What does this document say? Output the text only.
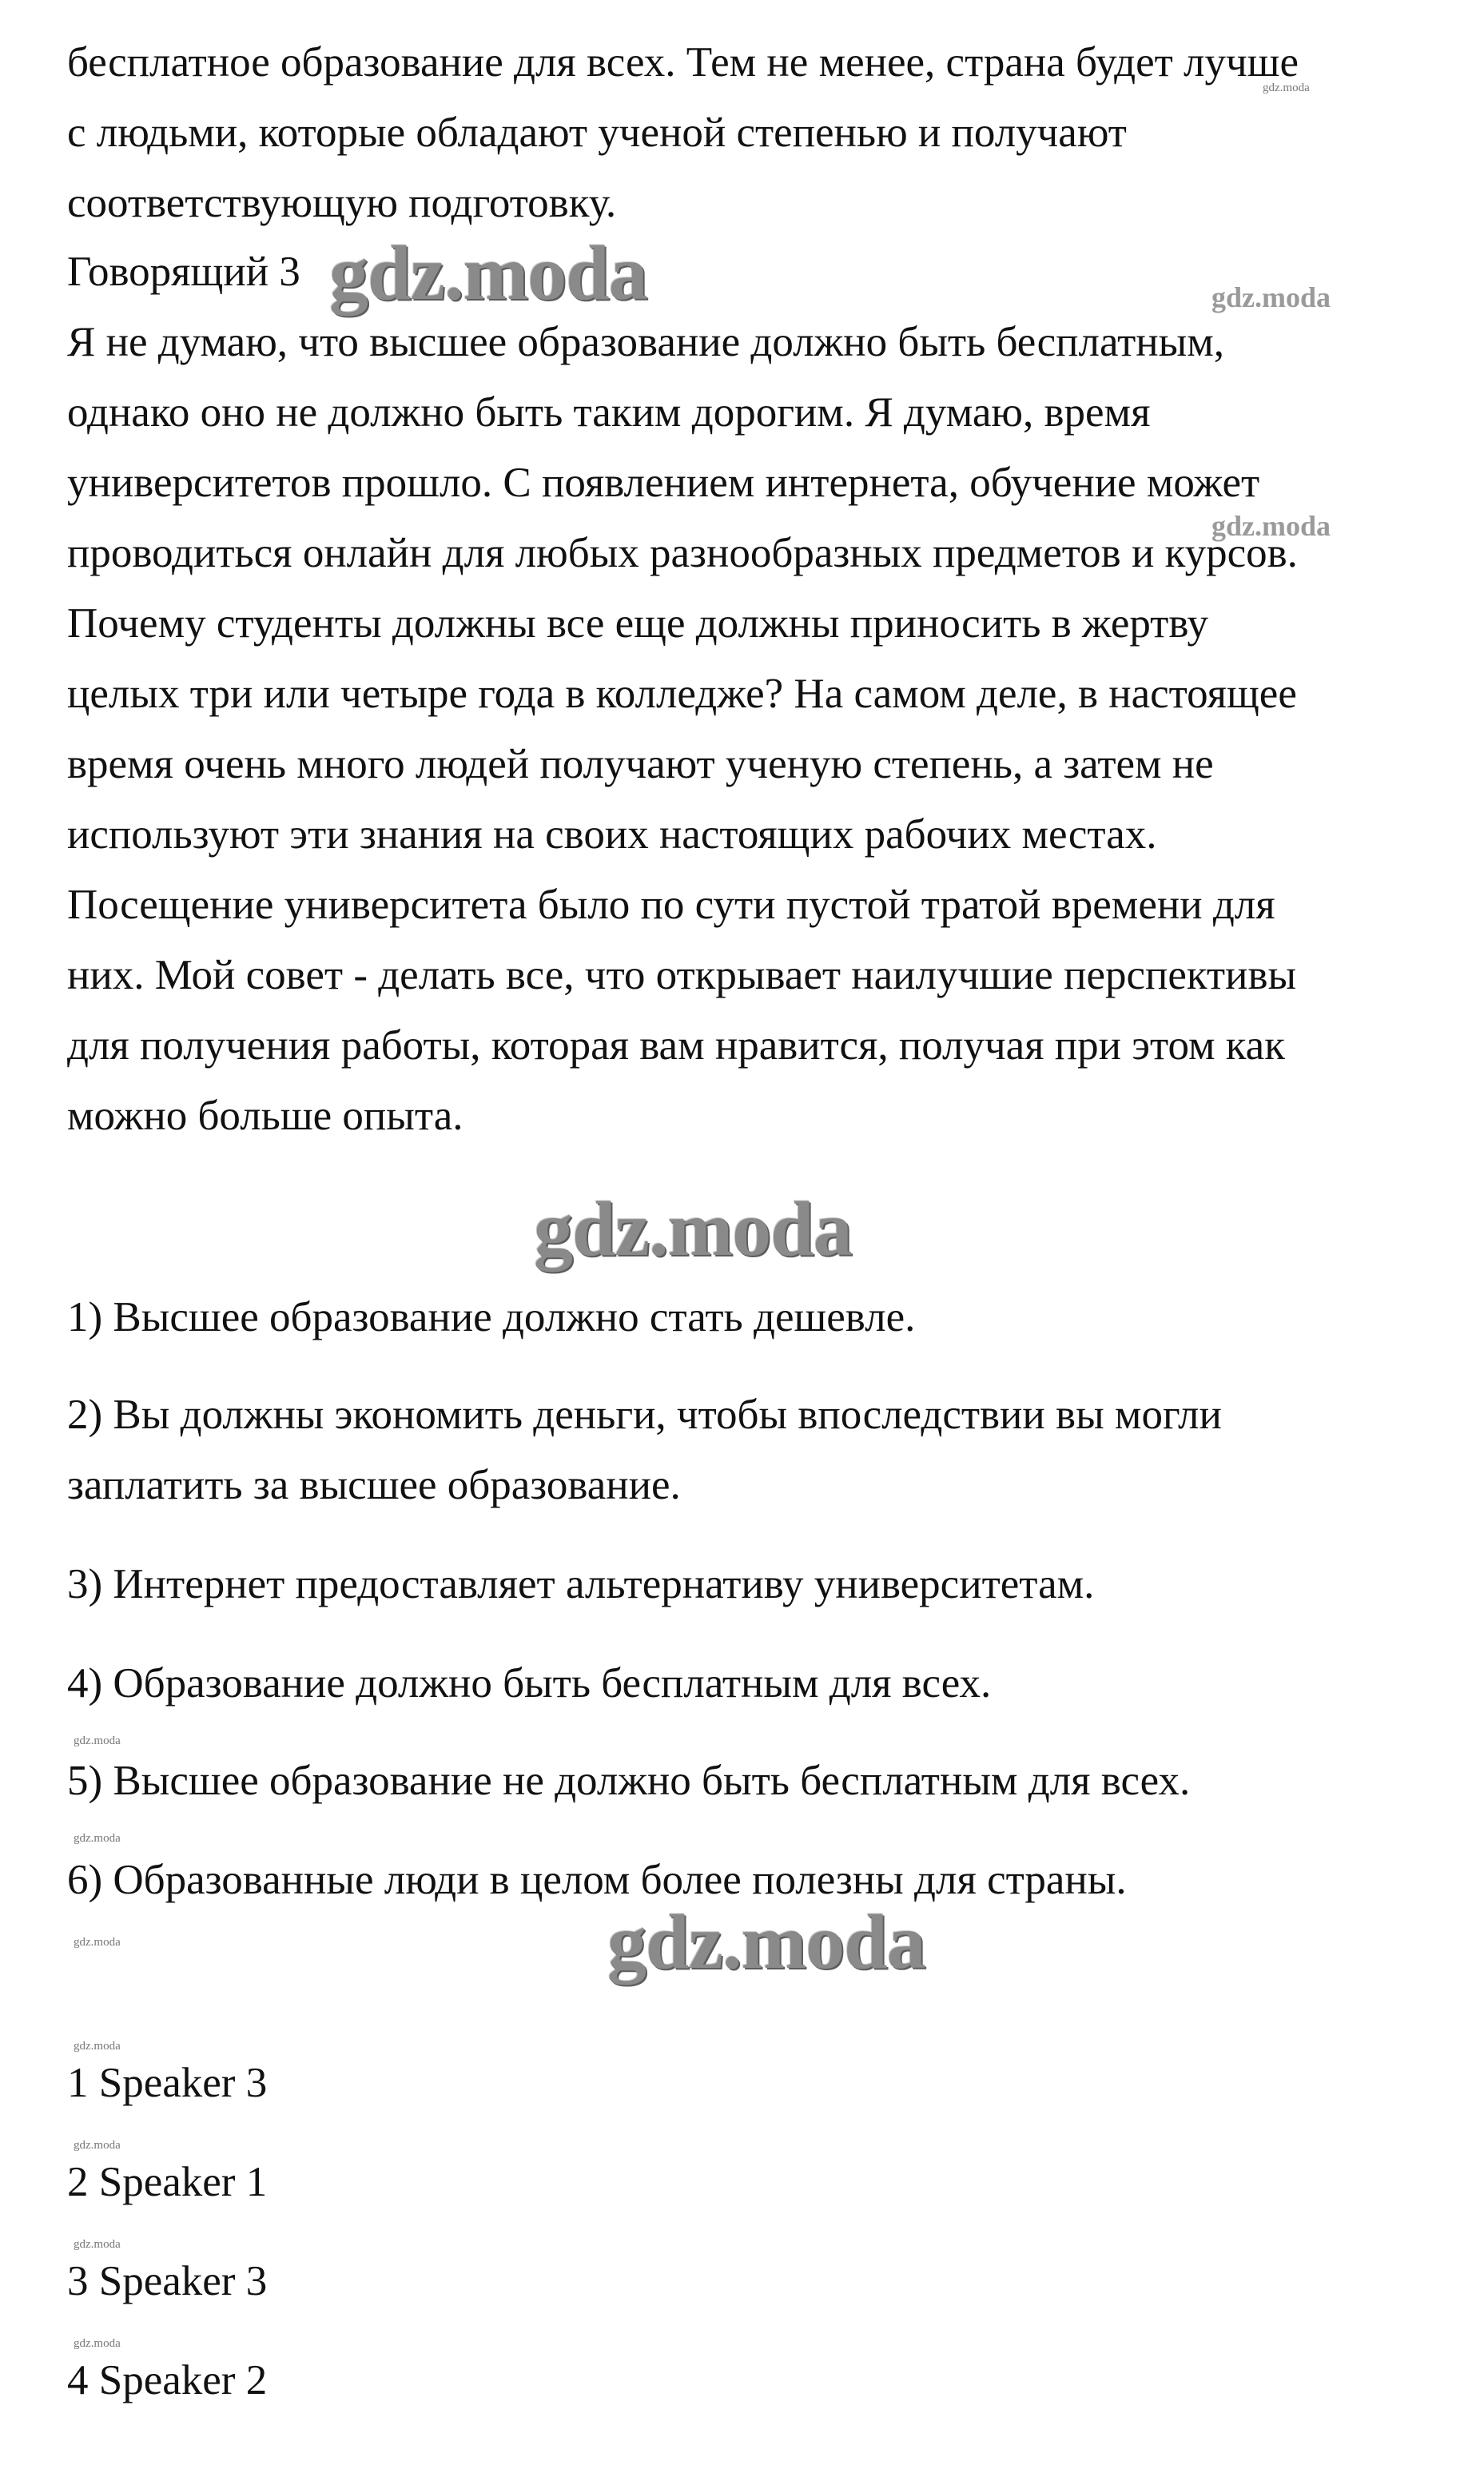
бесплатное образование для всех. Тем не менее, страна будет лучше
с людьми, которые обладают ученой степенью и получают
соответствующую подготовку.
Говорящий 3
Я не думаю, что высшее образование должно быть бесплатным,
однако оно не должно быть таким дорогим. Я думаю, время
университетов прошло. С появлением интернета, обучение может
проводиться онлайн для любых разнообразных предметов и курсов.
Почему студенты должны все еще должны приносить в жертву
целых три или четыре года в колледже? На самом деле, в настоящее
время очень много людей получают ученую степень, а затем не
используют эти знания на своих настоящих рабочих местах.
Посещение университета было по сути пустой тратой времени для
них. Мой совет - делать все, что открывает наилучшие перспективы
для получения работы, которая вам нравится, получая при этом как
можно больше опыта.
1) Высшее образование должно стать дешевле.
2) Вы должны экономить деньги, чтобы впоследствии вы могли
заплатить за высшее образование.
3) Интернет предоставляет альтернативу университетам.
4) Образование должно быть бесплатным для всех.
5) Высшее образование не должно быть бесплатным для всех.
6) Образованные люди в целом более полезны для страны.
1 Speaker 3
2 Speaker 1
3 Speaker 3
4 Speaker 2
gdz.moda
gdz.moda
gdz.moda
gdz.moda
gdz.moda
gdz.moda
gdz.moda
gdz.moda
gdz.moda
gdz.moda
gdz.moda
gdz.moda
gdz.moda
